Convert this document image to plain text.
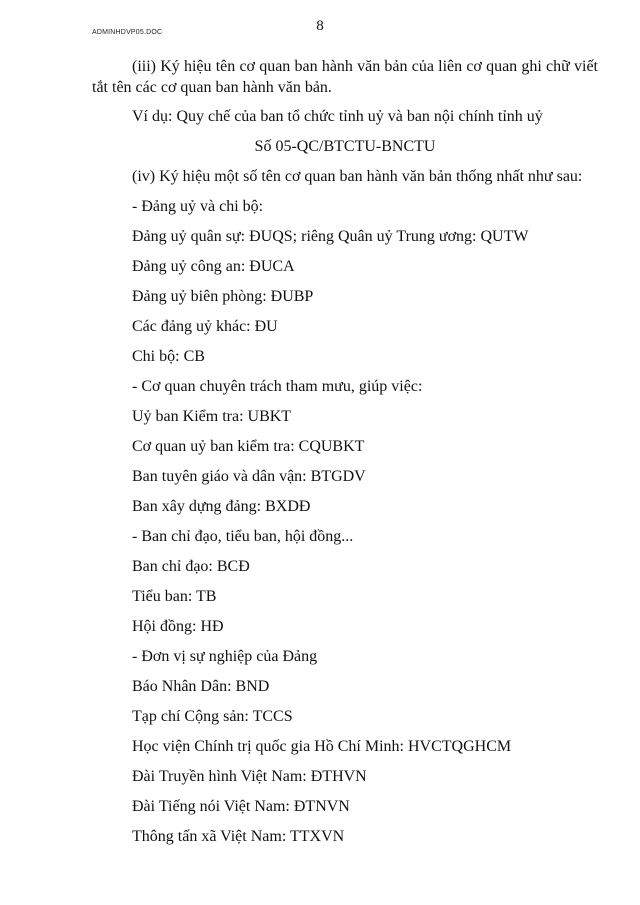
ADMINHDVP05.DOC	8

(iii) Ký hiệu tên cơ quan ban hành văn bản của liên cơ quan ghi chữ viết tắt tên các cơ quan ban hành văn bản.

Ví dụ: Quy chế của ban tổ chức tỉnh uỷ và ban nội chính tỉnh uỷ

Số 05-QC/BTCTU-BNCTU

(iv) Ký hiệu một số tên cơ quan ban hành văn bản thống nhất như sau:

- Đảng uỷ và chi bộ:

Đảng uỷ quân sự: ĐUQS; riêng Quân uỷ Trung ương: QUTW

Đảng uỷ công an: ĐUCA

Đảng uỷ biên phòng: ĐUBP

Các đảng uỷ khác: ĐU

Chi bộ: CB

- Cơ quan chuyên trách tham mưu, giúp việc:

Uỷ ban Kiểm tra: UBKT

Cơ quan uỷ ban kiểm tra: CQUBKT

Ban tuyên giáo và dân vận: BTGDV

Ban xây dựng đảng: BXDĐ

- Ban chỉ đạo, tiểu ban, hội đồng...

Ban chỉ đạo: BCĐ

Tiểu ban: TB

Hội đồng: HĐ

- Đơn vị sự nghiệp của Đảng

Báo Nhân Dân: BND

Tạp chí Cộng sản: TCCS

Học viện Chính trị quốc gia Hồ Chí Minh: HVCTQGHCM

Đài Truyền hình Việt Nam: ĐTHVN

Đài Tiếng nói Việt Nam: ĐTNVN

Thông tấn xã Việt Nam: TTXVN
